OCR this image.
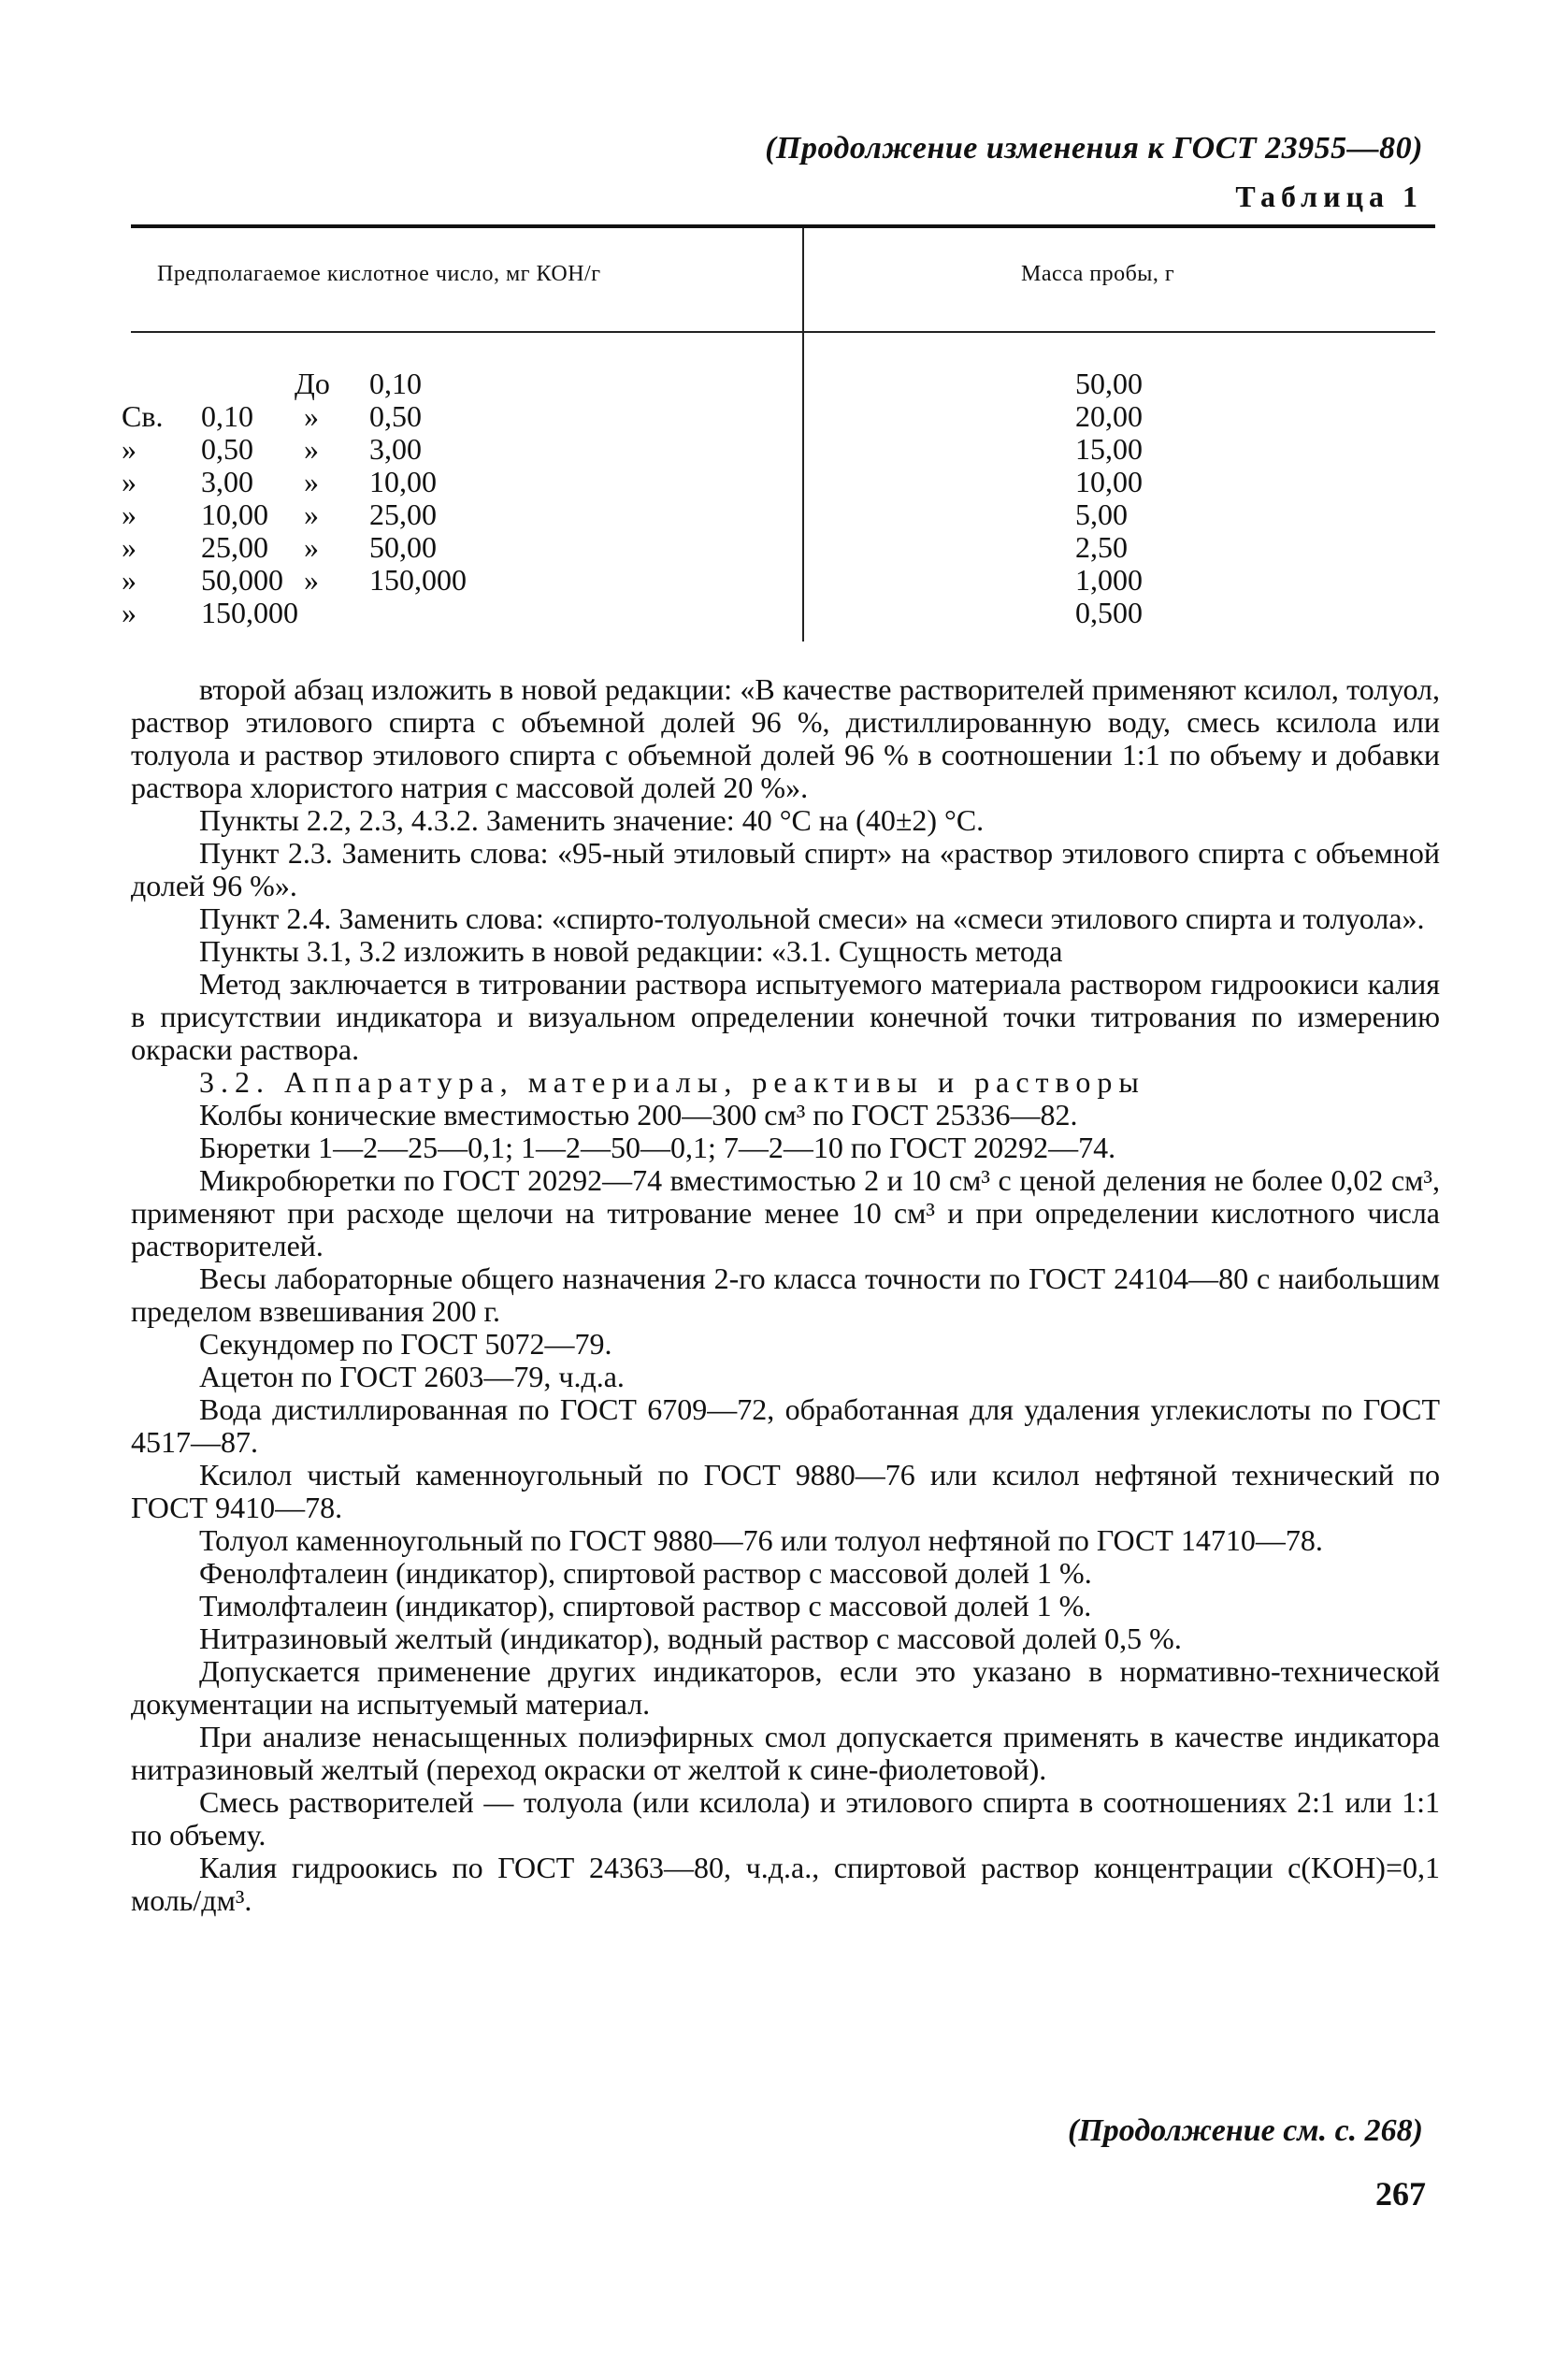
(Продолжение изменения к ГОСТ 23955—80)
Таблица 1
Предполагаемое кислотное число, мг КОН/г	Масса пробы, г
До 0,10	50,00
Св. 0,10 » 0,50	20,00
» 0,50 » 3,00	15,00
» 3,00 » 10,00	10,00
» 10,00 » 25,00	5,00
» 25,00 » 50,00	2,50
» 50,000 » 150,000	1,000
» 150,000	0,500

второй абзац изложить в новой редакции: «В качестве растворителей применяют ксилол, толуол, раствор этилового спирта с объемной долей 96 %, дистиллированную воду, смесь ксилола или толуола и раствор этилового спирта с объемной долей 96 % в соотношении 1:1 по объему и добавки раствора хлористого натрия с массовой долей 20 %».

Пункты 2.2, 2.3, 4.3.2. Заменить значение: 40 °С на (40±2) °С.

Пункт 2.3. Заменить слова: «95-ный этиловый спирт» на «раствор этилового спирта с объемной долей 96 %».

Пункт 2.4. Заменить слова: «спирто-толуольной смеси» на «смеси этилового спирта и толуола».

Пункты 3.1, 3.2 изложить в новой редакции: «3.1. Сущность метода

Метод заключается в титровании раствора испытуемого материала раствором гидроокиси калия в присутствии индикатора и визуальном определении конечной точки титрования по измерению окраски раствора.

3.2. Аппаратура, материалы, реактивы и растворы

Колбы конические вместимостью 200—300 см³ по ГОСТ 25336—82.

Бюретки 1—2—25—0,1; 1—2—50—0,1; 7—2—10 по ГОСТ 20292—74.

Микробюретки по ГОСТ 20292—74 вместимостью 2 и 10 см³ с ценой деления не более 0,02 см³, применяют при расходе щелочи на титрование менее 10 см³ и при определении кислотного числа растворителей.

Весы лабораторные общего назначения 2-го класса точности по ГОСТ 24104—80 с наибольшим пределом взвешивания 200 г.

Секундомер по ГОСТ 5072—79.

Ацетон по ГОСТ 2603—79, ч.д.а.

Вода дистиллированная по ГОСТ 6709—72, обработанная для удаления углекислоты по ГОСТ 4517—87.

Ксилол чистый каменноугольный по ГОСТ 9880—76 или ксилол нефтяной технический по ГОСТ 9410—78.

Толуол каменноугольный по ГОСТ 9880—76 или толуол нефтяной по ГОСТ 14710—78.

Фенолфталеин (индикатор), спиртовой раствор с массовой долей 1 %.

Тимолфталеин (индикатор), спиртовой раствор с массовой долей 1 %.

Нитразиновый желтый (индикатор), водный раствор с массовой долей 0,5 %.

Допускается применение других индикаторов, если это указано в нормативно-технической документации на испытуемый материал.

При анализе ненасыщенных полиэфирных смол допускается применять в качестве индикатора нитразиновый желтый (переход окраски от желтой к сине-фиолетовой).

Смесь растворителей — толуола (или ксилола) и этилового спирта в соотношениях 2:1 или 1:1 по объему.

Калия гидроокись по ГОСТ 24363—80, ч.д.а., спиртовой раствор концентрации c(KOH)=0,1 моль/дм³.

(Продолжение см. с. 268)
267
